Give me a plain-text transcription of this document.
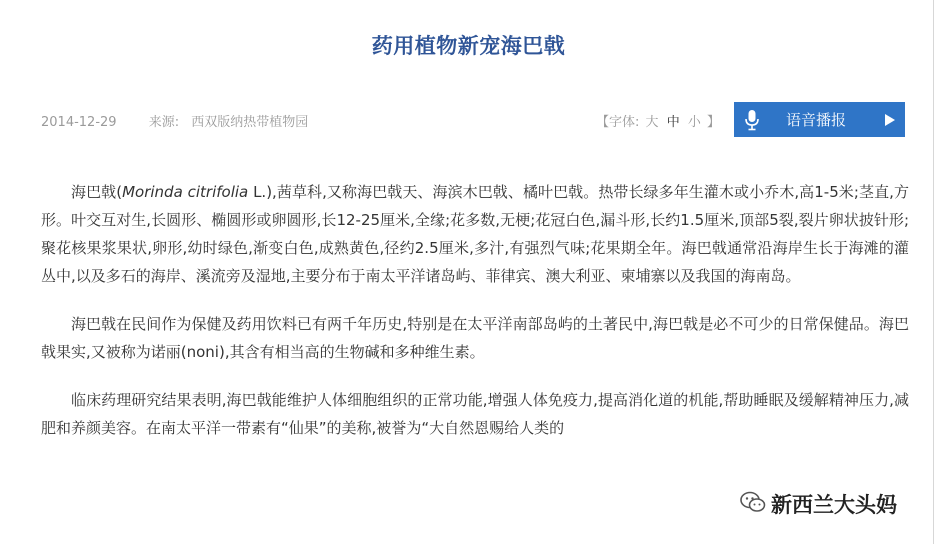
药用植物新宠海巴戟
2014-12-29 来源: 西双版纳热带植物园	【字体: 大 中 小 】	语音播报

海巴戟(Morinda citrifolia L.),茜草科,又称海巴戟天、海滨木巴戟、橘叶巴戟。热带长绿多年生灌木或小乔木,高1-5米;茎直,方形。叶交互对生,长圆形、椭圆形或卵圆形,长12-25厘米,全缘;花多数,无梗;花冠白色,漏斗形,长约1.5厘米,顶部5裂,裂片卵状披针形;聚花核果浆果状,卵形,幼时绿色,渐变白色,成熟黄色,径约2.5厘米,多汁,有强烈气味;花果期全年。海巴戟通常沿海岸生长于海滩的灌丛中,以及多石的海岸、溪流旁及湿地,主要分布于南太平洋诸岛屿、菲律宾、澳大利亚、柬埔寨以及我国的海南岛。

海巴戟在民间作为保健及药用饮料已有两千年历史,特别是在太平洋南部岛屿的土著民中,海巴戟是必不可少的日常保健品。海巴戟果实,又被称为诺丽(noni),其含有相当高的生物碱和多种维生素。

临床药理研究结果表明,海巴戟能维护人体细胞组织的正常功能,增强人体免疫力,提高消化道的机能,帮助睡眠及缓解精神压力,减肥和养颜美容。在南太平洋一带素有“仙果”的美称,被誉为“大自然恩赐给人类的

新西兰大头妈
